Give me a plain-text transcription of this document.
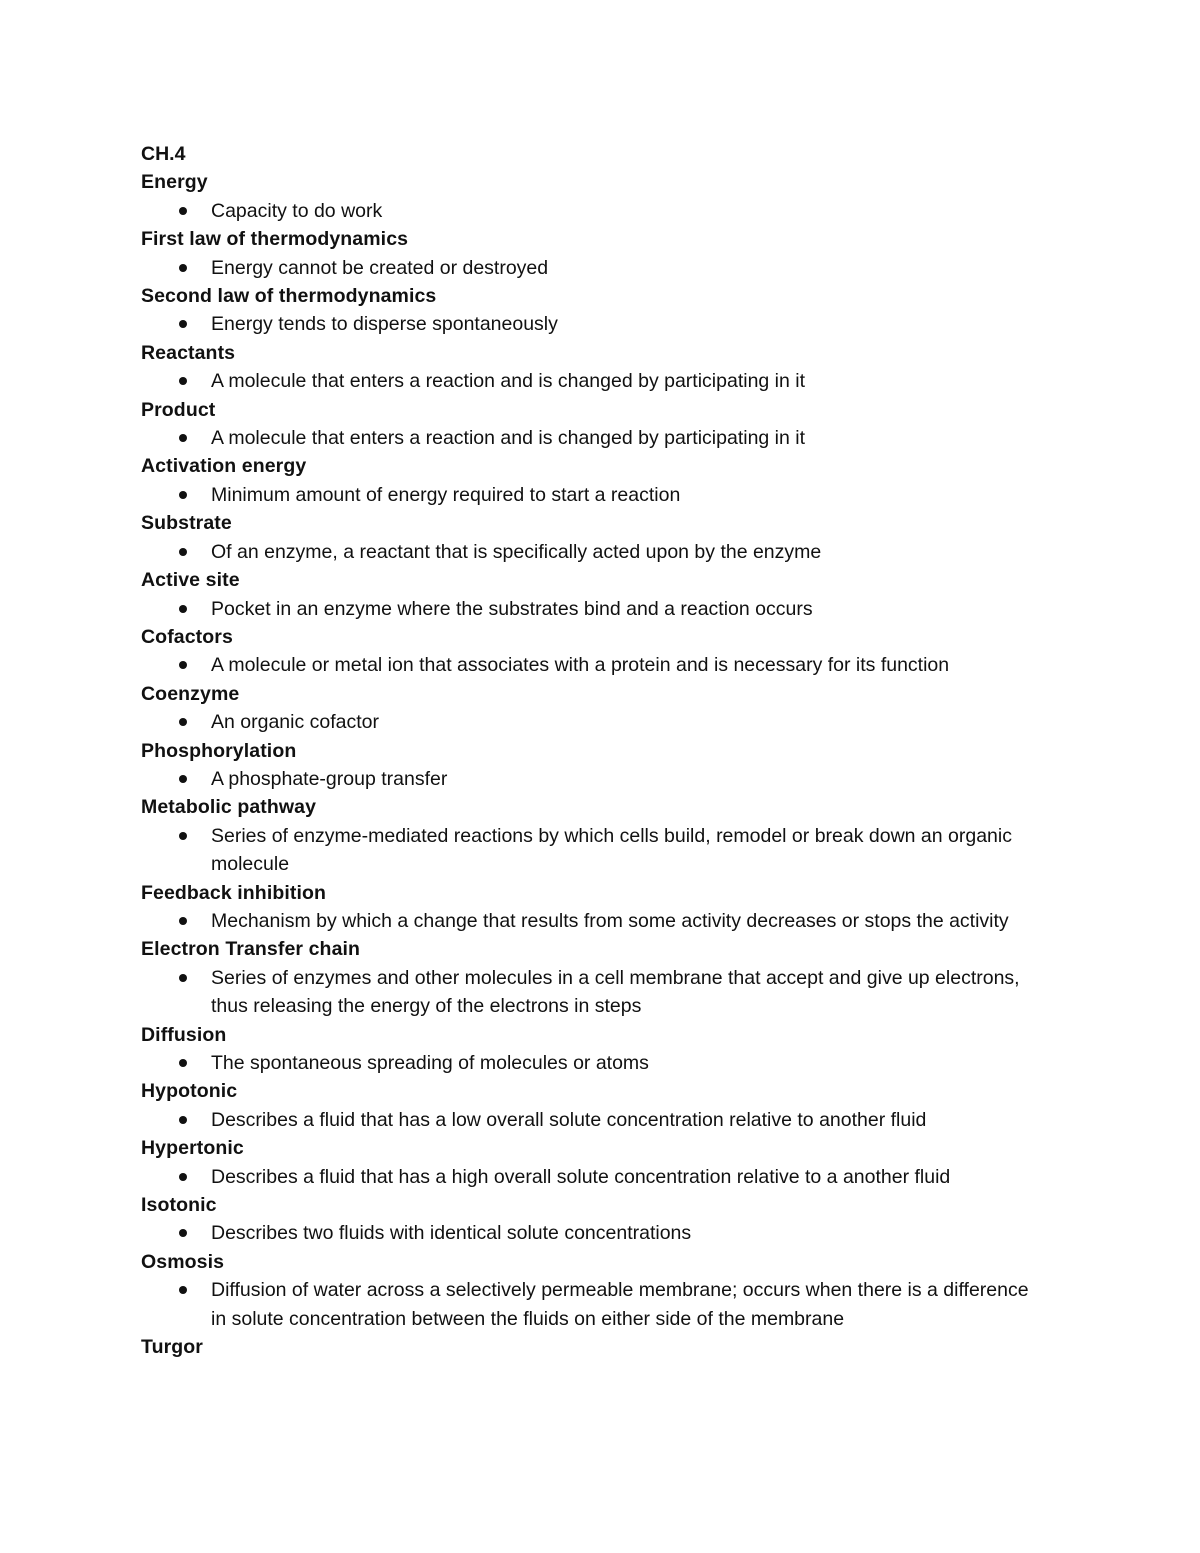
CH.4

Energy

Capacity to do work

First law of thermodynamics

Energy cannot be created or destroyed

Second law of thermodynamics

Energy tends to disperse spontaneously

Reactants

A molecule that enters a reaction and is changed by participating in it

Product

A molecule that enters a reaction and is changed by participating in it

Activation energy

Minimum amount of energy required to start a reaction

Substrate

Of an enzyme, a reactant that is specifically acted upon by the enzyme

Active site

Pocket in an enzyme where the substrates bind and a reaction occurs

Cofactors

A molecule or metal ion that associates with a protein and is necessary for its function

Coenzyme

An organic cofactor

Phosphorylation

A phosphate-group transfer

Metabolic pathway

Series of enzyme-mediated reactions by which cells build, remodel or break down an organic molecule

Feedback inhibition

Mechanism by which a change that results from some activity decreases or stops the activity

Electron Transfer chain

Series of enzymes and other molecules in a cell membrane that accept and give up electrons, thus releasing the energy of the electrons in steps

Diffusion

The spontaneous spreading of molecules or atoms

Hypotonic

Describes a fluid that has a low overall solute concentration relative to another fluid

Hypertonic

Describes a fluid that has a high overall solute concentration relative to a another fluid

Isotonic

Describes two fluids with identical solute concentrations

Osmosis

Diffusion of water across a selectively permeable membrane; occurs when there is a difference in solute concentration between the fluids on either side of the membrane

Turgor
